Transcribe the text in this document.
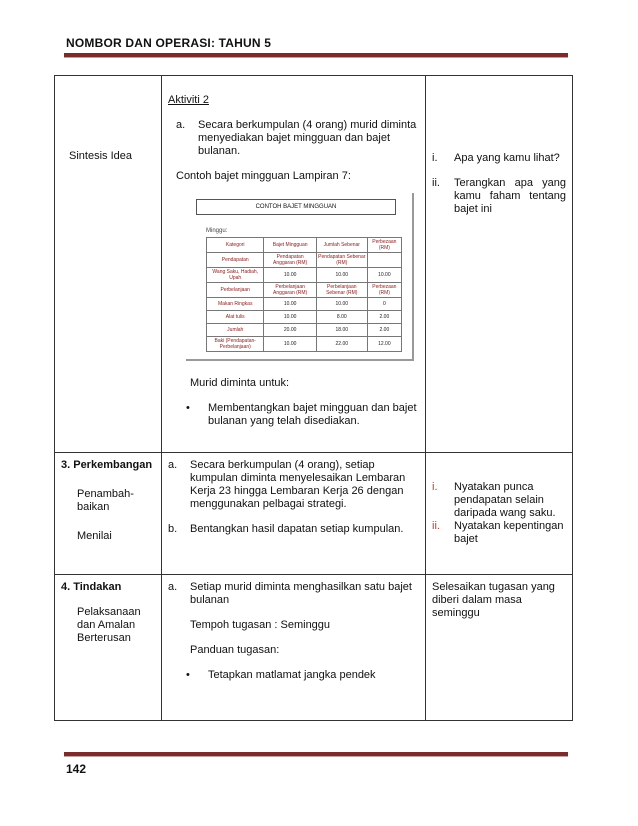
NOMBOR DAN OPERASI: TAHUN 5
Sintesis Idea

Aktiviti 2
a.	Secara berkumpulan (4 orang) murid diminta menyediakan bajet mingguan dan bajet bulanan.
Contoh bajet mingguan Lampiran 7:
CONTOH BAJET MINGGUAN
Minggu:
Kategori	Bajet Mingguan	Jumlah Sebenar	Perbezaan (RM)
Pendapatan	Pendapatan Anggaran (RM)	Pendapatan Sebenar (RM)	
Wang Saku, Hadiah, Upah	10.00	10.00	10.00
Perbelanjaan	Perbelanjaan Anggaran (RM)	Perbelanjaan Sebenar (RM)	Perbezaan (RM)
Makan Ringkas	10.00	10.00	0
Alat tulis	10.00	8.00	2.00
Jumlah	20.00	18.00	2.00
Baki (Pendapatan-Perbelanjaan)	10.00	22.00	12.00
Murid diminta untuk:
•	Membentangkan bajet mingguan dan bajet bulanan yang telah disediakan.

i.	Apa yang kamu lihat?
ii.	Terangkan apa yang kamu faham tentang bajet ini

3. Perkembangan
Penambah-baikan
Menilai

a.	Secara berkumpulan (4 orang), setiap kumpulan diminta menyelesaikan Lembaran Kerja 23 hingga Lembaran Kerja 26 dengan menggunakan pelbagai strategi.
b.	Bentangkan hasil dapatan setiap kumpulan.

i.	Nyatakan punca pendapatan selain daripada wang saku.
ii.	Nyatakan kepentingan bajet

4. Tindakan
Pelaksanaan dan Amalan Berterusan

a.	Setiap murid diminta menghasilkan satu bajet bulanan
Tempoh tugasan : Seminggu
Panduan tugasan:
•	Tetapkan matlamat jangka pendek

Selesaikan tugasan yang diberi dalam masa seminggu
142
